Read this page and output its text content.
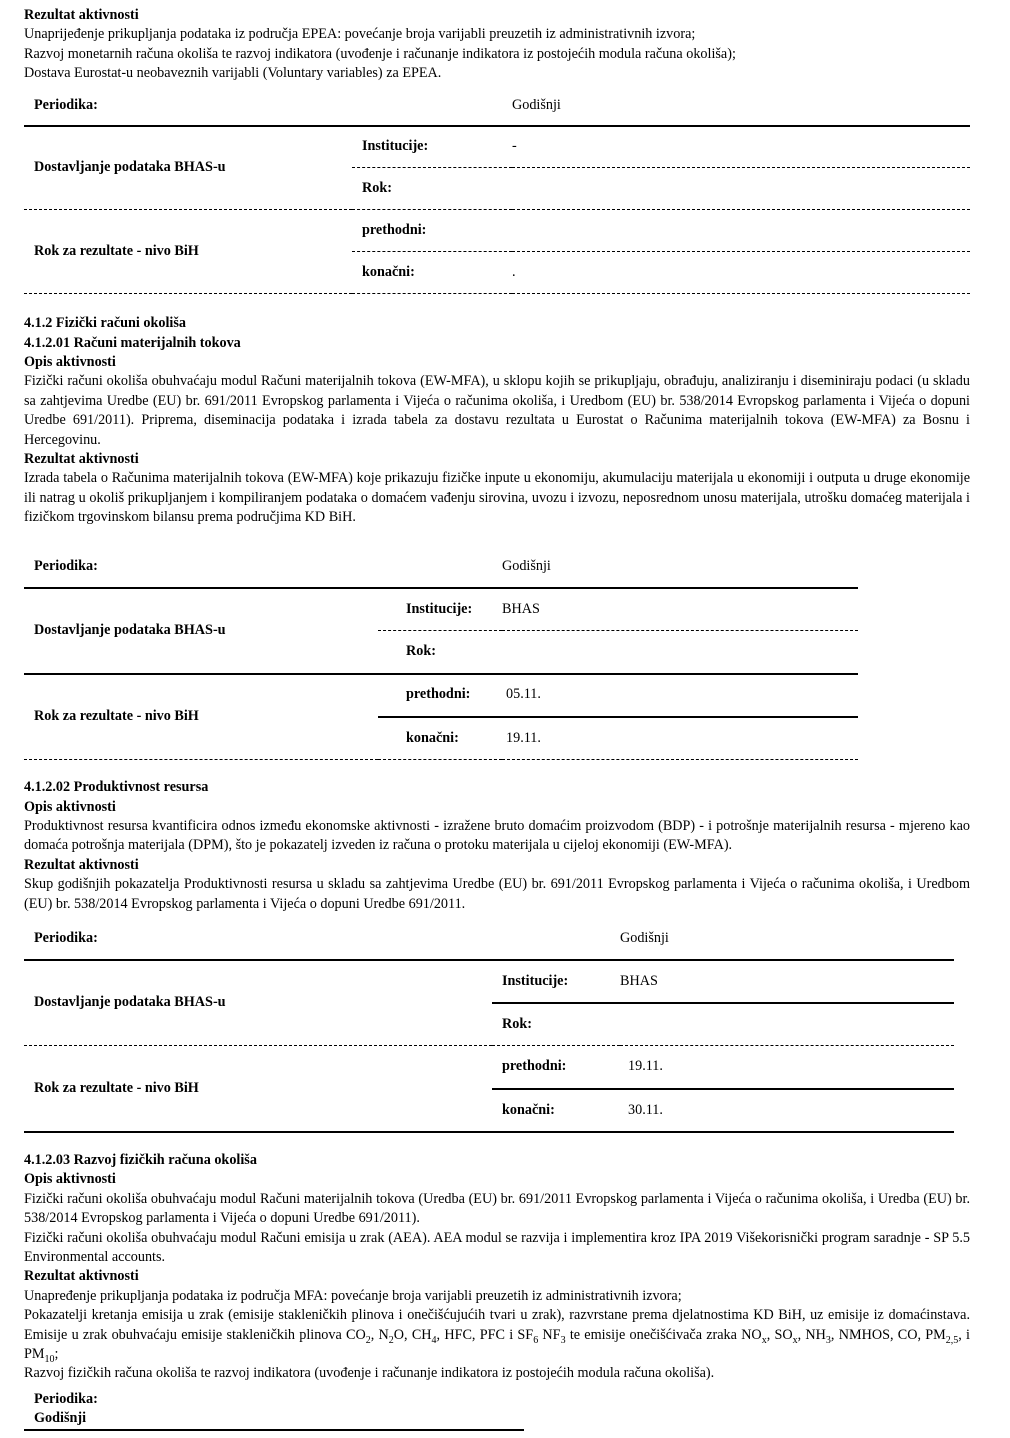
Rezultat aktivnosti
Unaprijeđenje prikupljanja podataka iz područja EPEA: povećanje broja varijabli preuzetih iz administrativnih izvora;
Razvoj monetarnih računa okoliša te razvoj indikatora (uvođenje i računanje indikatora iz postojećih modula računa okoliša);
Dostava Eurostat-u neobaveznih varijabli (Voluntary variables) za EPEA.
Periodika:		Godišnji
Dostavljanje podataka BHAS-u	Institucije:	-
	Rok:	
Rok za rezultate - nivo BiH	prethodni:	
	konačni:	.

4.1.2 Fizički računi okoliša
4.1.2.01 Računi materijalnih tokova
Opis aktivnosti
Fizički računi okoliša obuhvaćaju modul Računi materijalnih tokova (EW-MFA), u sklopu kojih se prikupljaju, obrađuju, analiziranju i diseminiraju podaci (u skladu sa zahtjevima Uredbe (EU) br. 691/2011 Evropskog parlamenta i Vijeća o računima okoliša, i Uredbom (EU) br. 538/2014 Evropskog parlamenta i Vijeća o dopuni Uredbe 691/2011). Pripremа, diseminacija podataka i izrada tabela za dostavu rezultata u Eurostat o Računima materijalnih tokova (EW-MFA) za Bosnu i Hercegovinu.
Rezultat aktivnosti
Izrada tabela o Računima materijalnih tokova (EW-MFA) koje prikazuju fizičke inpute u ekonomiju, akumulaciju materijala u ekonomiji i outputa u druge ekonomije ili natrag u okoliš prikupljanjem i kompiliranjem podataka o domaćem vađenju sirovina, uvozu i izvozu, neposrednom unosu materijala, utrošku domaćeg materijala i fizičkom trgovinskom bilansu prema područjima KD BiH.
Periodika:		Godišnji
Dostavljanje podataka BHAS-u	Institucije:	BHAS
	Rok:	
Rok za rezultate - nivo BiH	prethodni:	05.11.
	konačni:	19.11.

4.1.2.02 Produktivnost resursa
Opis aktivnosti
Produktivnost resursa kvantificira odnos između ekonomske aktivnosti - izražene bruto domaćim proizvodom (BDP) - i potrošnje materijalnih resursa - mjereno kao domaća potrošnja materijala (DPM), što je pokazatelj izveden iz računa o protoku materijala u cijeloj ekonomiji (EW-MFA).
Rezultat aktivnosti
Skup godišnjih pokazatelja Produktivnosti resursa u skladu sa zahtjevima Uredbe (EU) br. 691/2011 Evropskog parlamenta i Vijeća o računima okoliša, i Uredbom (EU) br. 538/2014 Evropskog parlamenta i Vijeća o dopuni Uredbe 691/2011.
Periodika:		Godišnji
Dostavljanje podataka BHAS-u	Institucije:	BHAS
	Rok:	
Rok za rezultate - nivo BiH	prethodni:	19.11.
	konačni:	30.11.

4.1.2.03 Razvoj fizičkih računa okoliša
Opis aktivnosti
Fizički računi okoliša obuhvaćaju modul Računi materijalnih tokova (Uredba (EU) br. 691/2011 Evropskog parlamenta i Vijeća o računima okoliša, i Uredba (EU) br. 538/2014 Evropskog parlamenta i Vijeća o dopuni Uredbe 691/2011).
Fizički računi okoliša obuhvaćaju modul Računi emisija u zrak (AEA). AEA modul se razvija i implementira kroz IPA 2019 Višekorisnički program saradnje - SP 5.5 Environmental accounts.
Rezultat aktivnosti
Unapređenje prikupljanja podataka iz područja MFA: povećanje broja varijabli preuzetih iz administrativnih izvora;
Pokazatelji kretanja emisija u zrak (emisije stakleničkih plinova i onečišćujućih tvari u zrak), razvrstane prema djelatnostima KD BiH, uz emisije iz domaćinstava. Emisije u zrak obuhvaćaju emisije stakleničkih plinova $CO_2$, $N_2O$, $CH_4$, HFC, PFC i $SF_6$ $NF_3$ te emisije onečišćivača zraka $NO_x$, $SO_x$, $NH_3$, NMHOS, CO, $PM_{2,5}$, i $PM_{10}$;
Razvoj fizičkih računa okoliša te razvoj indikatora (uvođenje i računanje indikatora iz postojećih modula računa okoliša).
Periodika:Godišnji
